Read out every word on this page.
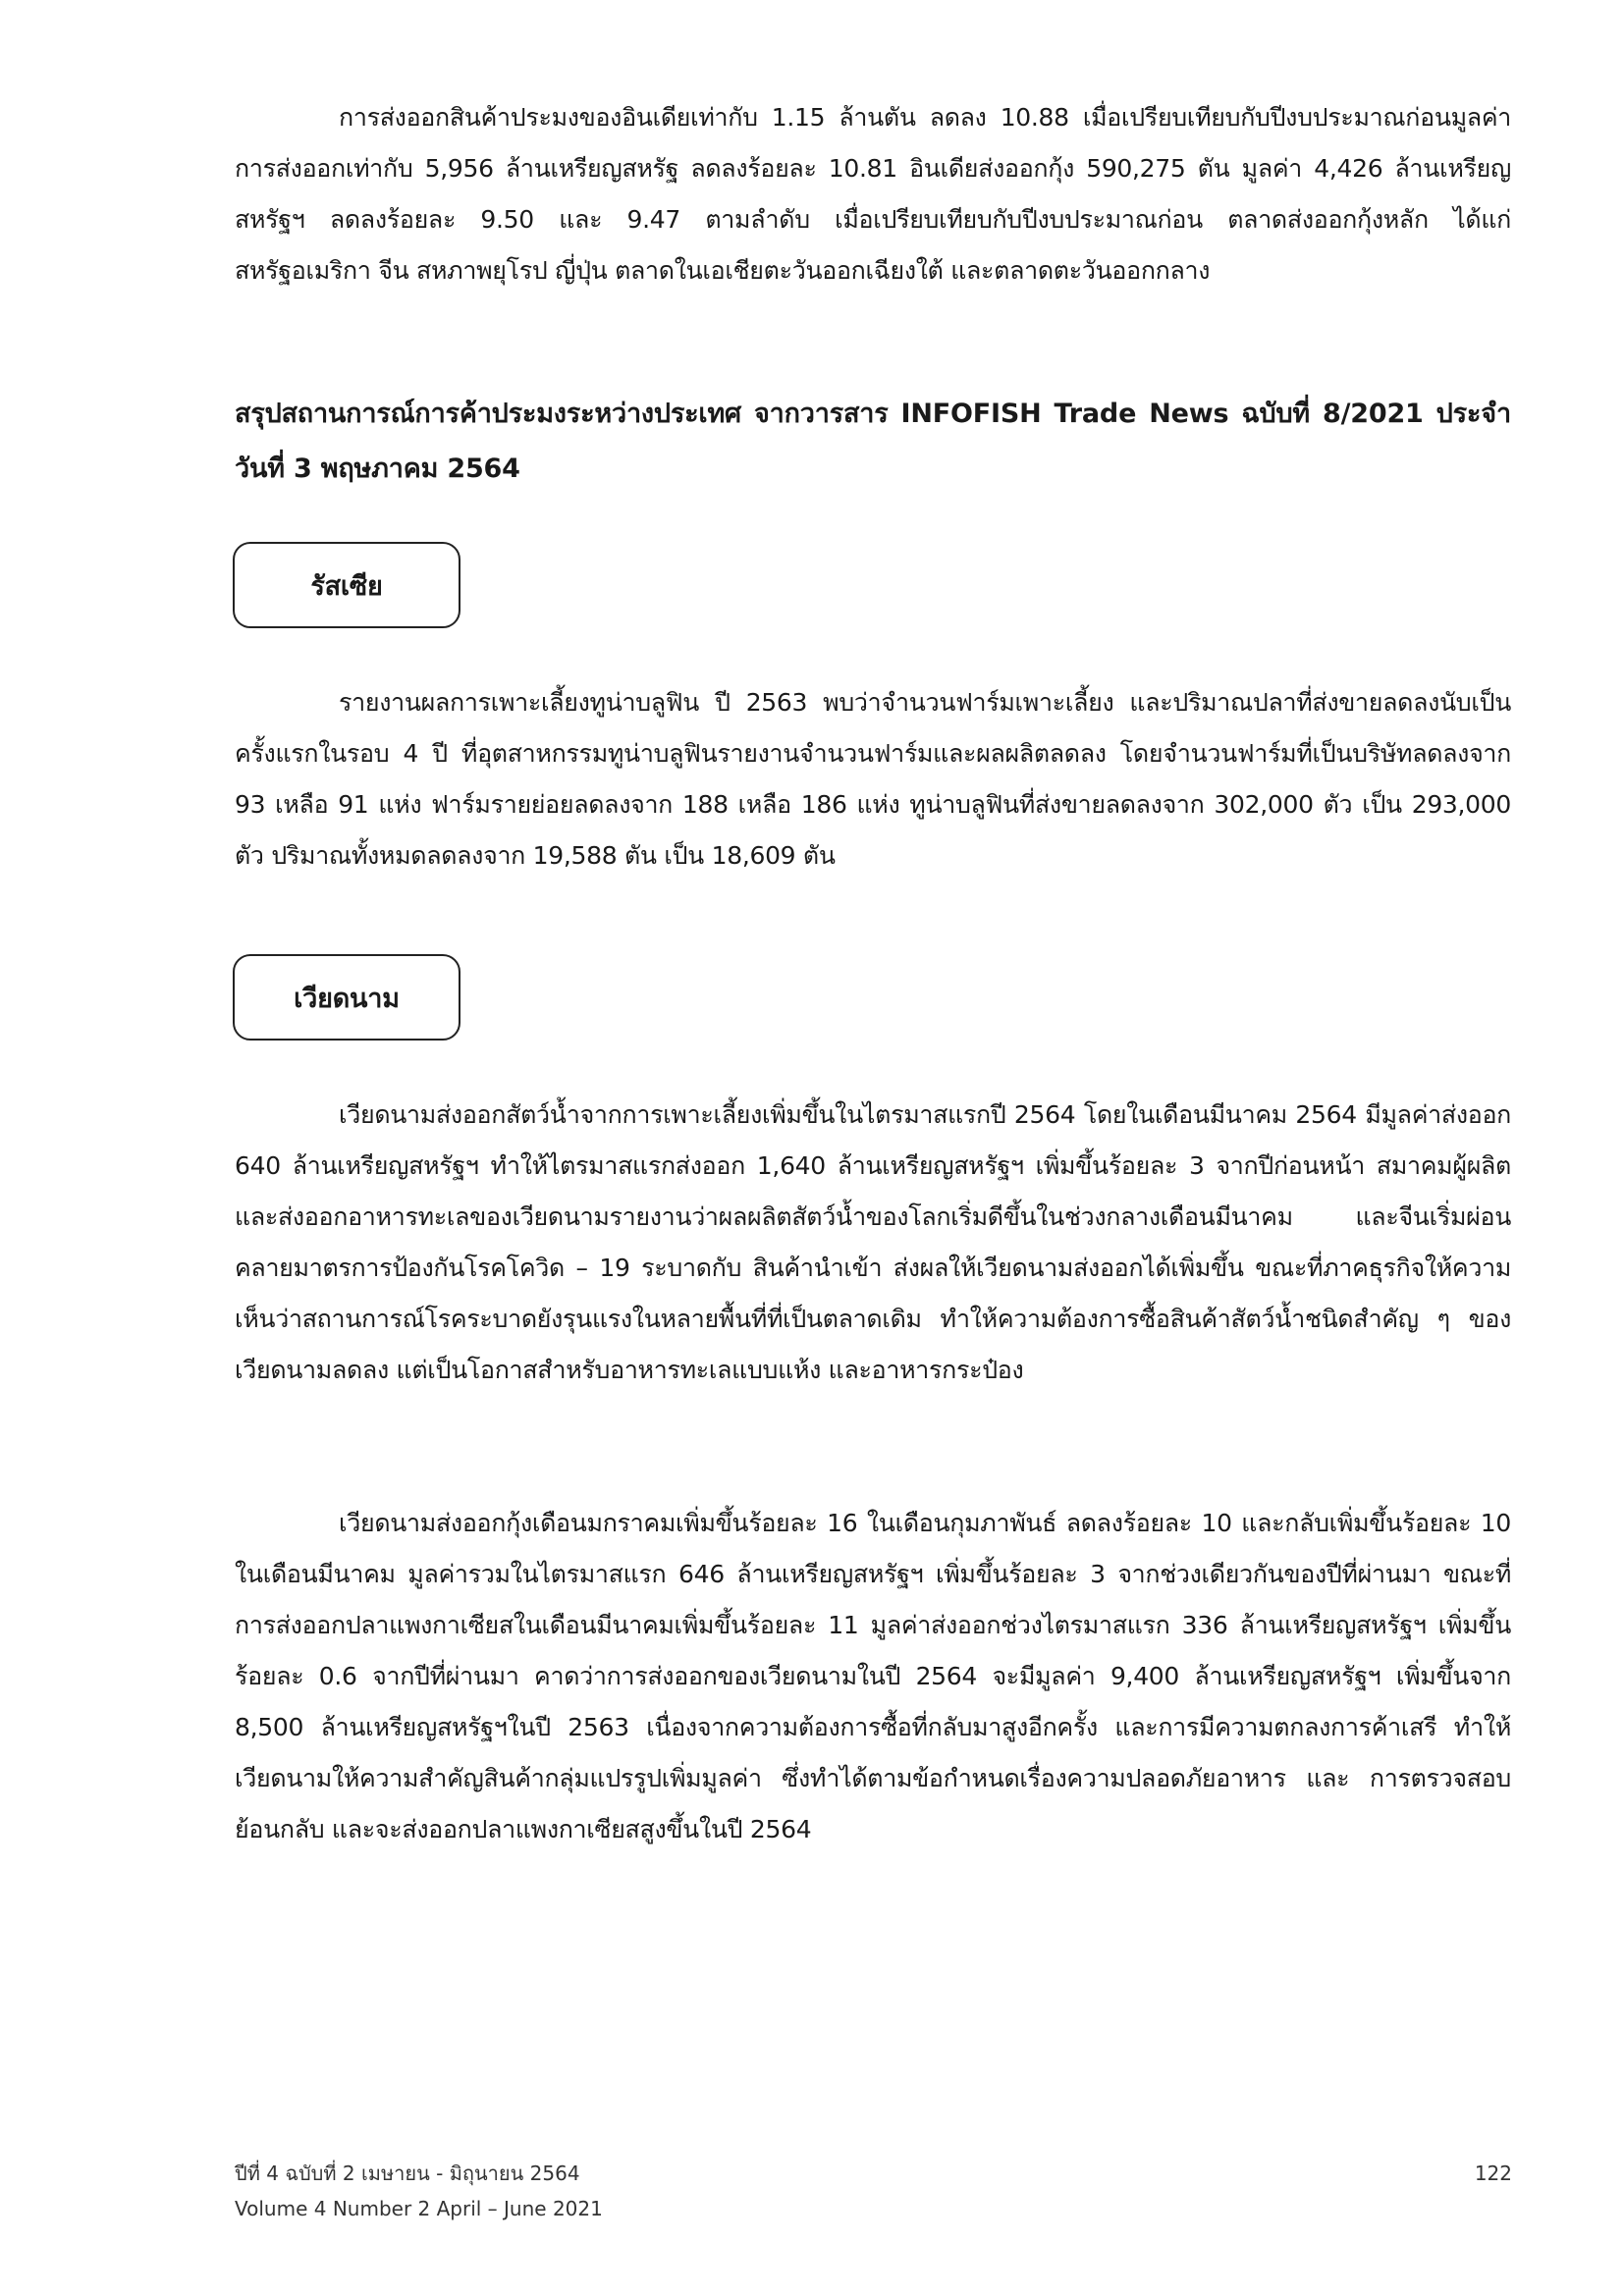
การส่งออกสินค้าประมงของอินเดียเท่ากับ 1.15 ล้านตัน ลดลง 10.88 เมื่อเปรียบเทียบกับปีงบประมาณก่อนมูลค่าการส่งออกเท่ากับ 5,956 ล้านเหรียญสหรัฐ ลดลงร้อยละ 10.81 อินเดียส่งออกกุ้ง 590,275 ตัน มูลค่า 4,426 ล้านเหรียญสหรัฐฯ ลดลงร้อยละ 9.50 และ 9.47 ตามลำดับ เมื่อเปรียบเทียบกับปีงบประมาณก่อน ตลาดส่งออกกุ้งหลัก ได้แก่ สหรัฐอเมริกา จีน สหภาพยุโรป ญี่ปุ่น ตลาดในเอเชียตะวันออกเฉียงใต้ และตลาดตะวันออกกลาง

สรุปสถานการณ์การค้าประมงระหว่างประเทศ จากวารสาร INFOFISH Trade News ฉบับที่ 8/2021 ประจำวันที่ 3 พฤษภาคม 2564
รัสเซีย

รายงานผลการเพาะเลี้ยงทูน่าบลูฟิน ปี 2563 พบว่าจำนวนฟาร์มเพาะเลี้ยง และปริมาณปลาที่ส่งขายลดลงนับเป็นครั้งแรกในรอบ 4 ปี ที่อุตสาหกรรมทูน่าบลูฟินรายงานจำนวนฟาร์มและผลผลิตลดลง โดยจำนวนฟาร์มที่เป็นบริษัทลดลงจาก 93 เหลือ 91 แห่ง ฟาร์มรายย่อยลดลงจาก 188 เหลือ 186 แห่ง ทูน่าบลูฟินที่ส่งขายลดลงจาก 302,000 ตัว เป็น 293,000 ตัว ปริมาณทั้งหมดลดลงจาก 19,588 ตัน เป็น 18,609 ตัน

เวียดนาม

เวียดนามส่งออกสัตว์น้ำจากการเพาะเลี้ยงเพิ่มขึ้นในไตรมาสแรกปี 2564 โดยในเดือนมีนาคม 2564 มีมูลค่าส่งออก 640 ล้านเหรียญสหรัฐฯ ทำให้ไตรมาสแรกส่งออก 1,640 ล้านเหรียญสหรัฐฯ เพิ่มขึ้นร้อยละ 3 จากปีก่อนหน้า สมาคมผู้ผลิตและส่งออกอาหารทะเลของเวียดนามรายงานว่าผลผลิตสัตว์น้ำของโลกเริ่มดีขึ้นในช่วงกลางเดือนมีนาคม และจีนเริ่มผ่อนคลายมาตรการป้องกันโรคโควิด – 19 ระบาดกับ สินค้านำเข้า ส่งผลให้เวียดนามส่งออกได้เพิ่มขึ้น ขณะที่ภาคธุรกิจให้ความเห็นว่าสถานการณ์โรคระบาดยังรุนแรงในหลายพื้นที่ที่เป็นตลาดเดิม ทำให้ความต้องการซื้อสินค้าสัตว์น้ำชนิดสำคัญ ๆ ของเวียดนามลดลง แต่เป็นโอกาสสำหรับอาหารทะเลแบบแห้ง และอาหารกระป๋อง

เวียดนามส่งออกกุ้งเดือนมกราคมเพิ่มขึ้นร้อยละ 16 ในเดือนกุมภาพันธ์ ลดลงร้อยละ 10 และกลับเพิ่มขึ้นร้อยละ 10 ในเดือนมีนาคม มูลค่ารวมในไตรมาสแรก 646 ล้านเหรียญสหรัฐฯ เพิ่มขึ้นร้อยละ 3 จากช่วงเดียวกันของปีที่ผ่านมา ขณะที่การส่งออกปลาแพงกาเซียสในเดือนมีนาคมเพิ่มขึ้นร้อยละ 11 มูลค่าส่งออกช่วงไตรมาสแรก 336 ล้านเหรียญสหรัฐฯ เพิ่มขึ้นร้อยละ 0.6 จากปีที่ผ่านมา คาดว่าการส่งออกของเวียดนามในปี 2564 จะมีมูลค่า 9,400 ล้านเหรียญสหรัฐฯ เพิ่มขึ้นจาก 8,500 ล้านเหรียญสหรัฐฯในปี 2563 เนื่องจากความต้องการซื้อที่กลับมาสูงอีกครั้ง และการมีความตกลงการค้าเสรี ทำให้เวียดนามให้ความสำคัญสินค้ากลุ่มแปรรูปเพิ่มมูลค่า ซึ่งทำได้ตามข้อกำหนดเรื่องความปลอดภัยอาหาร และ การตรวจสอบย้อนกลับ และจะส่งออกปลาแพงกาเซียสสูงขึ้นในปี 2564

ปีที่ 4 ฉบับที่ 2 เมษายน - มิถุนายน 2564
Volume 4 Number 2 April – June 2021
122
